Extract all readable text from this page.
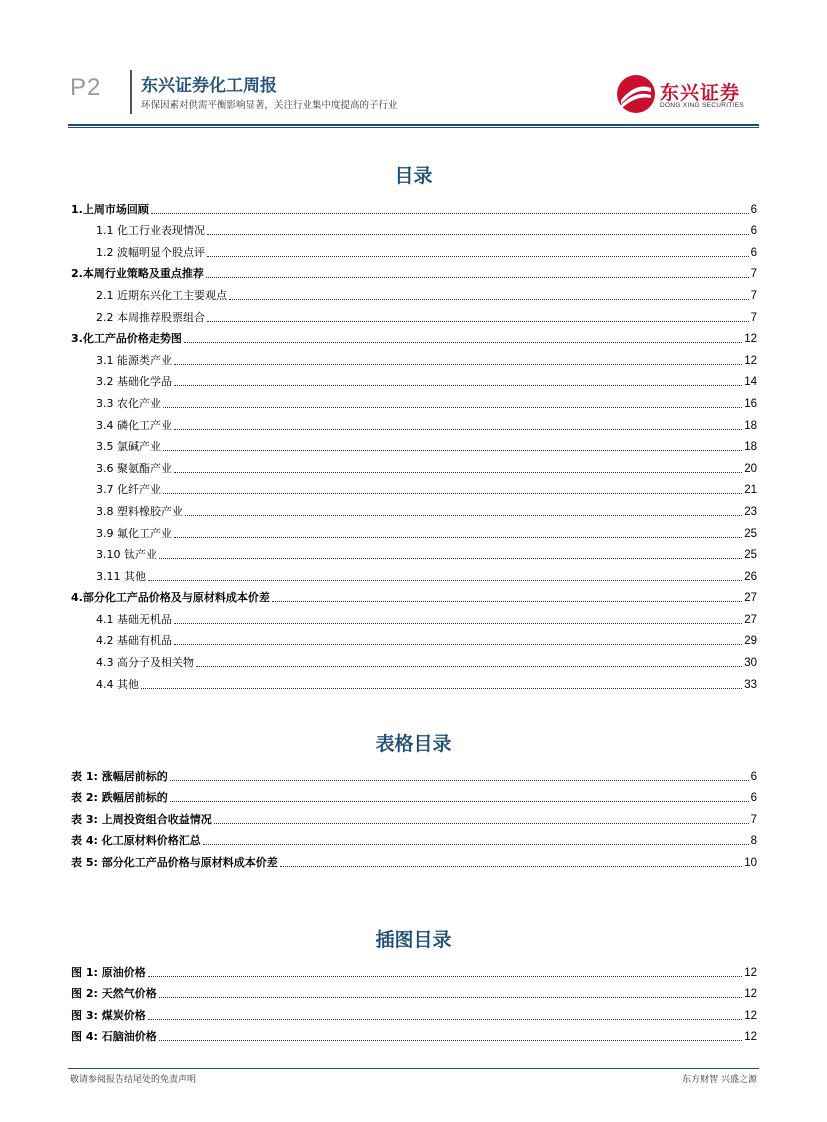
P2 东兴证券化工周报
环保因素对供需平衡影响显著，关注行业集中度提高的子行业
东兴证券
DONG XING SECURITIES
目录
1.上周市场回顾	6
1.1 化工行业表现情况	6
1.2 波幅明显个股点评	6
2.本周行业策略及重点推荐	7
2.1 近期东兴化工主要观点	7
2.2 本周推荐股票组合	7
3.化工产品价格走势图	12
3.1 能源类产业	12
3.2 基础化学品	14
3.3 农化产业	16
3.4 磷化工产业	18
3.5 氯碱产业	18
3.6 聚氨酯产业	20
3.7 化纤产业	21
3.8 塑料橡胶产业	23
3.9 氟化工产业	25
3.10 钛产业	25
3.11 其他	26
4.部分化工产品价格及与原材料成本价差	27
4.1 基础无机品	27
4.2 基础有机品	29
4.3 高分子及相关物	30
4.4 其他	33
表格目录
表 1: 涨幅居前标的	6
表 2: 跌幅居前标的	6
表 3: 上周投资组合收益情况	7
表 4: 化工原材料价格汇总	8
表 5: 部分化工产品价格与原材料成本价差	10
插图目录
图 1: 原油价格	12
图 2: 天然气价格	12
图 3: 煤炭价格	12
图 4: 石脑油价格	12
敬请参阅报告结尾处的免责声明	东方财智 兴盛之源
